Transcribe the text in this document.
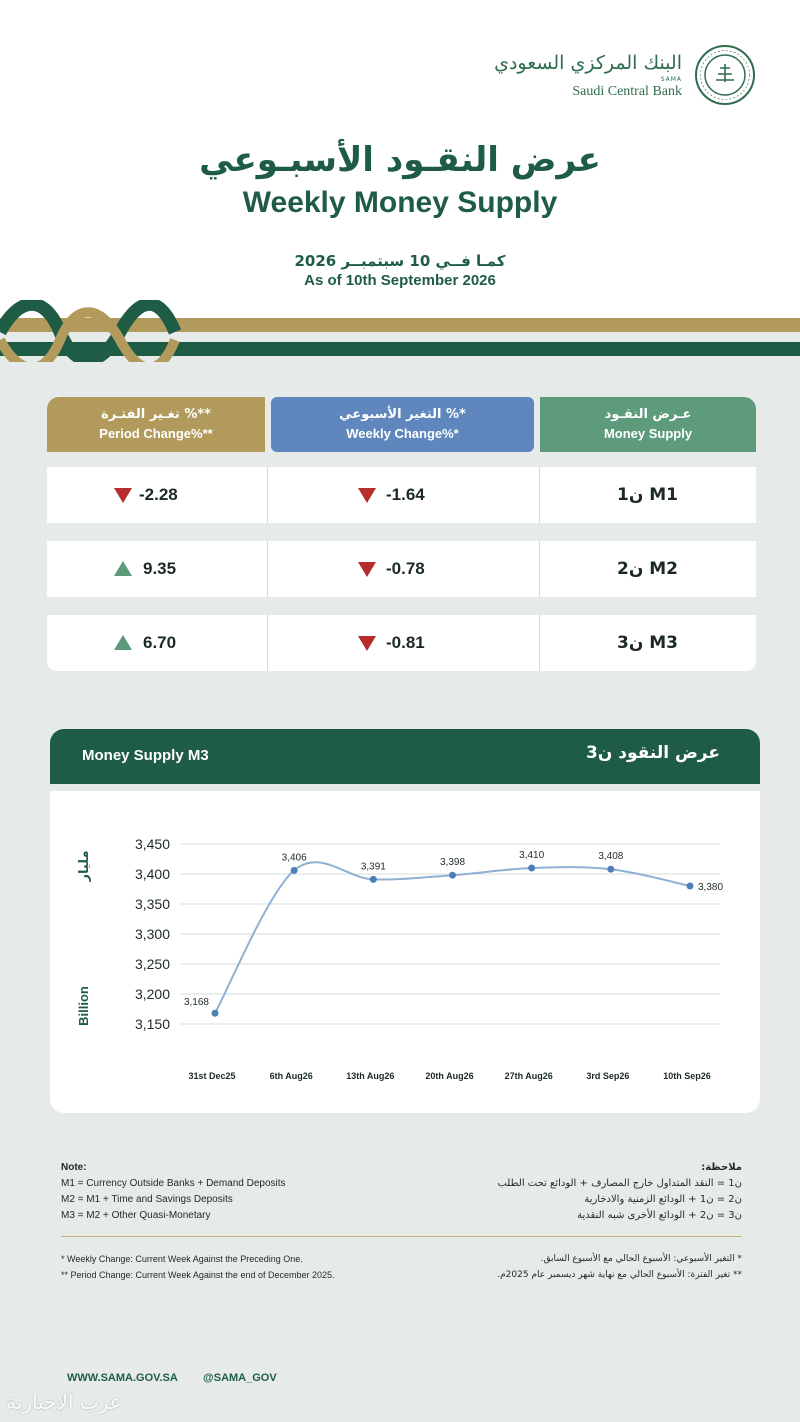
البنك المركزي السعودي
SAMA
Saudi Central Bank
عرض النقـود الأسبـوعي
Weekly Money Supply
كمـا فــي 10 سبتمبــر 2026
As of 10th September 2026
تغـير الفتـرة %**
Period Change%**
التغير الأسبوعي %*
Weekly Change%*
عـرض النقـود
Money Supply
-2.28	-1.64	ن1 M1
9.35	-0.78	ن2 M2
6.70	-0.81	ن3 M3
Money Supply M3	عرض النقود ن3
3,450
3,400
3,350
3,300
3,250
3,200
3,150
مليار
Billion
31st Dec25	6th Aug26	13th Aug26	20th Aug26	27th Aug26	3rd Sep26	10th Sep26
3,168
3,406
3,391	3,398
3,410	3,408
3,380
Note:
M1 = Currency Outside Banks + Demand Deposits
M2 = M1 + Time and Savings Deposits
M3 = M2 + Other Quasi-Monetary
ملاحظة:
ن1 = النقد المتداول خارج المصارف + الودائع تحت الطلب
ن2 = ن1 + الودائع الزمنية والادخارية
ن3 = ن2 + الودائع الأخرى شبه النقدية
* Weekly Change: Current Week Against the Preceding One.
** Period Change: Current Week Against the end of December 2025.
* التغير الأسبوعي: الأسبوع الحالي مع الأسبوع السابق.
** تغير الفترة: الأسبوع الحالي مع نهاية شهر ديسمبر عام 2025م.
WWW.SAMA.GOV.SA @SAMA_GOV
عرب الإخبارية
